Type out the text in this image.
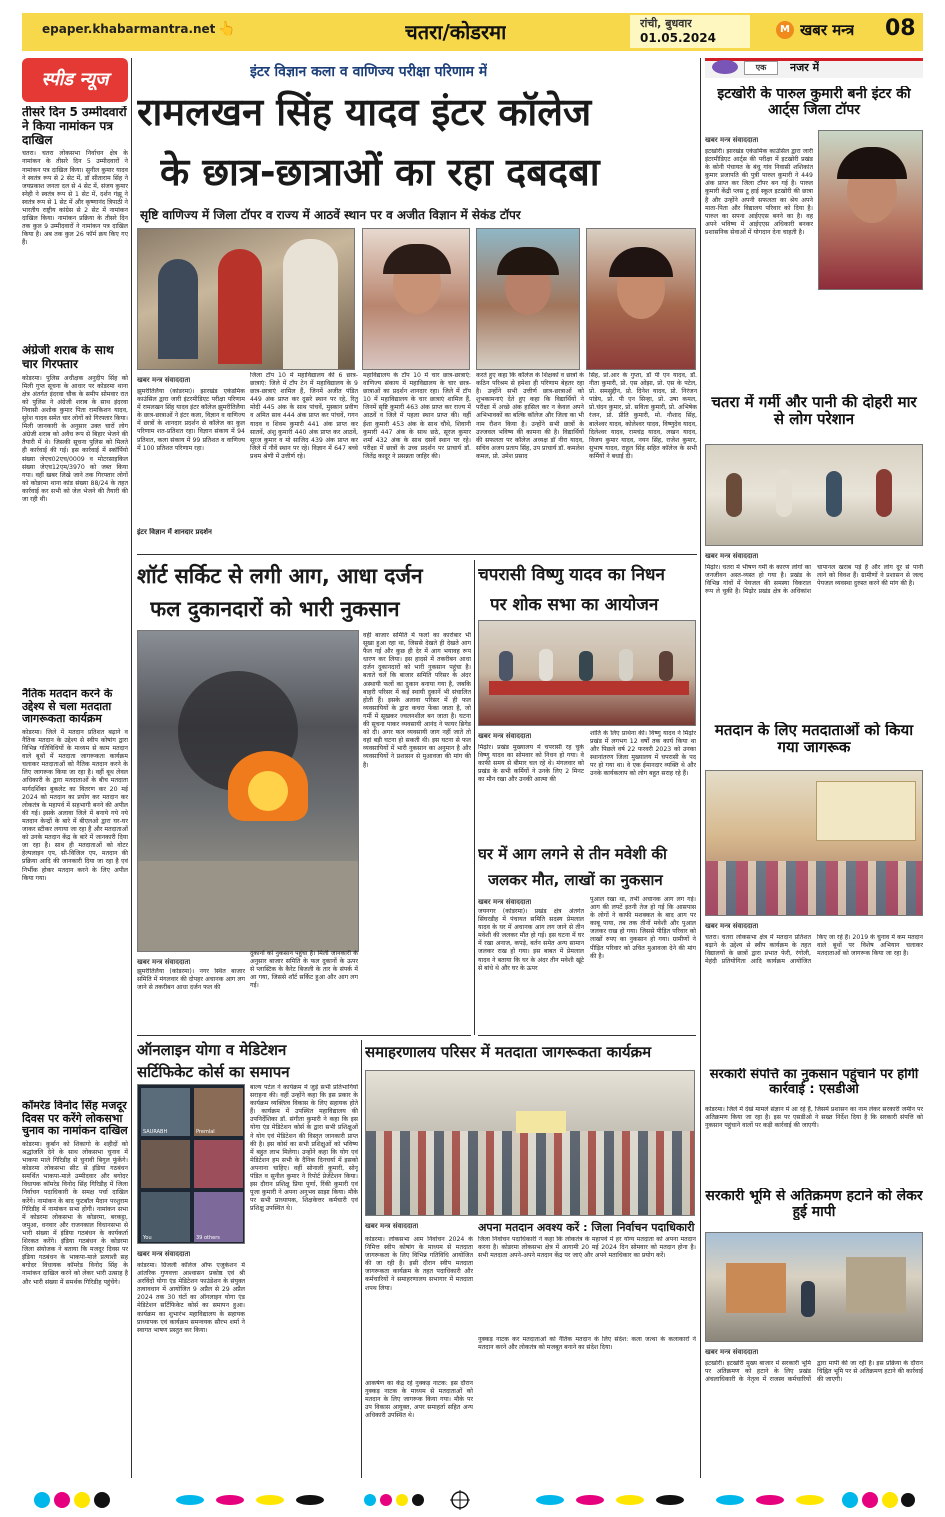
epaper.khabarmantra.net 👆	चतरा/कोडरमा	रांची, बुधवार
01.05.2024
M खबर मन्त्र 08
स्पीड न्यूज
तीसरे दिन 5 उम्मीदवारों ने किया नामांकन पत्र दाखिल
चतरा। चतरा लोकसभा निर्वाचन क्षेत्र के नामांकन के तीसरे दिन 5 उम्मीदवारों ने नामांकन पत्र दाखिल किया। सुनील कुमार यादव ने स्वतंत्र रूप से 2 सेट में, डॉ सीताराम सिंह ने जयप्रकाश जनता दल से 4 सेट में, संजय कुमार स्नेही ने स्वतंत्र रूप से 1 सेट में, दर्शन गंझू ने स्वतंत्र रूप से 1 सेट में और कृष्णानंद त्रिपाठी ने भारतीय राष्ट्रीय कांग्रेस से 2 सेट में नामांकन दाखिल किया। नामांकन प्रक्रिया के तीसरे दिन तक कुल 9 उम्मीदवारों ने नामांकन पत्र दाखिल किया है। अब तक कुल 26 फॉर्म क्रय किए गए हैं।
अंग्रेजी शराब के साथ चार गिरफ्तार
कोडरमा। पुलिस अधीक्षक अनुदीप सिंह को मिली गुप्त सूचना के आधार पर कोडरमा थाना क्षेत्र अंतर्गत इंदरवा चौक के समीप सोमवार रात को पुलिस ने अंग्रेजी शराब के साथ इंदरवा निवासी अशोक कुमार पिता रामकिशन यादव, सुरेश यादव समेत चार लोगों को गिरफ्तार किया। मिली जानकारी के अनुसार उक्त चारों लोग अंग्रेजी शराब को अवैध रूप से बिहार भेजने की तैयारी में थे। जिसकी सूचना पुलिस को मिलते ही कार्रवाई की गई। इस कार्रवाई में स्कॉर्पियो संख्या जेएच02एच/0009 व मोटरसाइकिल संख्या जेएच12एम/3970 को जब्त किया गया। वहीं खबर लिखे जाने तक गिरफ्तार लोगों को कोडरमा थाना कांड संख्या 88/24 के तहत कार्रवाई कर सभी को जेल भेजने की तैयारी की जा रही थी।
नैतिक मतदान करने के उद्देश्य से चला मतदाता जागरूकता कार्यक्रम
कोडरमा। जिले में मतदान प्रतिशत बढ़ाने व नैतिक मतदान के उद्देश्य से स्वीप कोषांग द्वारा विभिन्न गतिविधियों के माध्यम से काम मतदान वाले बूथों में मतदाता जागरूकता कार्यक्रम चलाकर मतदाताओं को नैतिक मतदान करने के लिए जागरूक किया जा रहा है। वहीं बूथ लेवल अधिकारी के द्वारा मतदाताओं के बीच मतदाता मार्गदर्शिका बुकलेट का वितरण कर 20 मई 2024 को मतदान का प्रयोग कर मतदान कर लोकतंत्र के महापर्व में सहभागी बनने की अपील की गई। इसके अलावा जिले में बनाये गये नये मतदान केन्द्रों के बारे में बीएलओ द्वारा घर-घर जाकर स्टीकर लगाया जा रहा है और मतदाताओं को उनके मतदान केंद्र के बारे में जानकारी दिया जा रहा है। साथ ही मतदाताओं को वोटर हेल्पलाइन एप, सी-विजिल एप, मतदान की प्रक्रिया आदि की जानकारी दिया जा रहा है एवं निर्भीक होकर मतदान करने के लिए अपील किया गया।
कॉमरेड विनोद सिंह मजदूर दिवस पर करेंगे लोकसभा चुनाव का नामांकन दाखिल
कोडरमा। कुर्बान को शिकागो के शहीदों को श्रद्धांजलि देने के साथ लोकसभा चुनाव में भाकपा माले गिरिडीह से चुनावी बिगुल फूंकेंगे। कोडरमा लोकसभा सीट से इंडिया गठबंधन समर्थित भाकपा-माले उम्मीदवार और बगोदर विधायक कॉमरेड विनोद सिंह गिरिडीह में जिला निर्वाचन पदाधिकारी के समक्ष पर्चा दाखिल करेंगे। नामांकन के बाद फुटबॉल मैदान परशुराम गिरिडीह में नामांकन सभा होगी। नामांकन सभा में कोडरमा लोकसभा के कोडरमा, बरकट्ठा, जमुआ, धनवार और राजनकाल विधानसभा से भारी संख्या में इंडिया गठबंधन के कार्यकर्ता शिरकत करेंगे। इंडिया गठबंधन के कोडरमा जिला संयोजक ने बताया कि मजदूर दिवस पर इंडिया गठबंधन के भाकपा-माले प्रत्याशी सह बगोदर विधायक कॉमरेड विनोद सिंह के नामांकन दाखिल करने को लेकर भारी उत्साह है और भारी संख्या में समर्थक गिरिडीह पहुंचेंगे।
इंटर विज्ञान कला व वाणिज्य परीक्षा परिणाम में
रामलखन सिंह यादव इंटर कॉलेज
के छात्र-छात्राओं का रहा दबदबा
सृष्टि वाणिज्य में जिला टॉपर व राज्य में आठवें स्थान पर व अजीत विज्ञान में सेकंड टॉपर
खबर मन्त्र संवाददाता
झुमरीतिलैया (कोडरमा)। झारखंड एकेडमिक काउंसिल द्वारा जारी इंटरमीडिएट परीक्षा परिणाम में रामलखन सिंह यादव इंटर कॉलेज झुमरीतिलैया के छात्र-छात्राओं ने इंटर कला, विज्ञान व वाणिज्य में छात्रों के शानदार प्रदर्शन से कॉलेज का कुल परिणाम शत-प्रतिशत रहा। विज्ञान संकाय में 94 प्रतिशत, कला संकाय में 99 प्रतिशत व वाणिज्य में 100 प्रतिशत परिणाम रहा।
इंटर विज्ञान में शानदार प्रदर्शन
जिला टॉप 10 में महाविद्यालय की 6 छात्र-छात्राएं: जिले में टॉप टेन में महाविद्यालय के 9 छात्र-छात्राएं शामिल हैं, जिनमें अजीत पंडित 449 अंक प्राप्त कर दूसरे स्थान पर रहे, रितु मोदी 445 अंक के साथ पांचवें, मुस्कान प्रवीण व अमित साव 444 अंक प्राप्त कर पांचवें, गगन यादव व शिवम कुमारी 441 अंक प्राप्त कर सातवें, अंशु कुमारी 440 अंक प्राप्त कर आठवें, सूरज कुमार व मो साजिद 439 अंक प्राप्त कर जिले में नौवें स्थान पर रहे। विज्ञान में 647 बच्चे प्रथम श्रेणी में उत्तीर्ण रहे।
महाविद्यालय के टॉप 10 में चार छात्र-छात्राएं: वाणिज्य संकाय में महाविद्यालय के चार छात्र-छात्राओं का प्रदर्शन शानदार रहा। जिले में टॉप 10 में महाविद्यालय के चार छात्राएं शामिल हैं, जिनमें सृष्टि कुमारी 463 अंक प्राप्त कर राज्य में आठवें व जिले में पहला स्थान प्राप्त की। वहीं ईशा कुमारी 453 अंक के साथ चौथे, शिवानी कुमारी 447 अंक के साथ छठे, सूरज कुमार शर्मा 432 अंक के साथ दसवें स्थान पर रहे। परीक्षा में छात्रों के उच्च प्रदर्शन पर प्राचार्य डॉ. जितेंद्र कादूर ने प्रसन्नता जाहिर की।
करते हुए कहा कि कॉलेज के शिक्षकों व छात्रों के कठिन परिश्रम से हमेशा ही परिणाम बेहतर रहा है। उन्होंने सभी उत्तीर्ण छात्र-छात्राओं को शुभकामनाएं देते हुए कहा कि विद्यार्थियों ने परीक्षा में अच्छे अंक हासिल कर न केवल अपने अभिभावकों का बल्कि कॉलेज और जिला का भी नाम रौशन किया है। उन्होंने सभी छात्रों के उज्जवल भविष्य की कामना की है। विद्यार्थियों की सफलता पर कॉलेज अध्यक्ष डॉ नीरा यादव, सचिव अजय प्रताप सिंह, उप प्राचार्य डॉ. कमलेश कमल, प्रो. उमेश प्रसाद
सिंह, प्रो.आर के गुप्ता, डॉ पी एन यादव, डॉ. नीता कुमारी, प्रो. एस ओझा, प्रो. एस के पटेल, प्रो. समसुद्दीन, प्रो. दिनेश यादव, प्रो. निरंजन पांडेय, प्रो. पी एन सिन्हा, प्रो. उषा कमल, प्रो.चंदन कुमार, प्रो. सविता कुमारी, प्रो. अभिषेक रंजन, प्रो. प्रीति कुमारी, मो. नौशाद सिंह, बालेश्वर यादव, कोलेश्वर यादव, विष्णुदेव यादव, दिलेश्वर यादव, रामचंद्र यादव, लखन यादव, विजय कुमार यादव, नयन सिंह, राजेश कुमार, सुभाष यादव, राहुल सिंह सहित कॉलेज के सभी कर्मियों ने बधाई दी।
शॉर्ट सर्किट से लगी आग, आधा दर्जन
फल दुकानदारों को भारी नुकसान
खबर मन्त्र संवाददाता
झुमरीतिलैया (कोडरमा)। नगर स्थित बाजार समिति में मंगलवार की दोपहर अचानक आग लग जाने से तकरीबन आधा दर्जन फल की
दुकानों को नुकसान पहुंचा है। मिली जानकारी के अनुसार बाजार समिति के फल दुकानों के ऊपर से प्लास्टिक के कैरेट बिजली के तार के संपर्क में आ गया, जिससे शॉर्ट सर्किट हुआ और आग लग गई।
वहीं बाजार समिति में फलों का कारोबार भी सूखा हुआ रहा था, जिससे देखते ही देखते आग फैल गई और कुछ ही देर में आग भयावह रूप धारण कर लिया। इस हादसे में तकरीबन आधा दर्जन दुकानदारों को भारी नुकसान पहुंचा है। बताते चलें कि बाजार समिति परिसर के अंदर अस्थायी फलों का दुकान बनाया गया है, जबकि बाहरी परिसर में कई स्थायी दुकानें भी संचालित होती हैं। इसके अलावा परिसर में ही फल व्यवसायियों के द्वारा कचरा फेंका जाता है, जो गर्मी में सूखकर ज्वलनशील बन जाता है। घटना की सूचना पाकर व्यवसायी आनंद ने फायर ब्रिगेड को दी। अगर फल व्यवसायी जाग नहीं जाते तो वहां बड़ी घटना हो सकती थी। इस घटना से फल व्यवसायियों में भारी नुकसान का अनुमान है और व्यवसायियों ने प्रशासन से मुआवजा की मांग की है।
चपरासी विष्णु यादव का निधन
पर शोक सभा का आयोजन
खबर मन्त्र संवाददाता
मिढ़ोर। प्रखंड मुख्यालय में चपरासी रह चुके विष्णु यादव का सोमवार को निधन हो गया। वे काफी समय से बीमार चल रहे थे। मंगलवार को प्रखंड के सभी कर्मियों ने उनके लिए 2 मिनट का मौन रखा और उनकी आत्मा की
शांति के लिए प्रार्थना की। विष्णु यादव ने मिढ़ोर प्रखंड में लगभग 12 वर्षों तक कार्य किया था और पिछले वर्ष 22 फरवरी 2023 को उनका स्थानांतरण जिला मुख्यालय में चपरासी के पद पर हो गया था। वे एक ईमानदार व्यक्ति थे और उनके कार्यकलाप को लोग बहुत सराह रहे हैं।
घर में आग लगने से तीन मवेशी की
जलकर मौत, लाखों का नुकसान
खबर मन्त्र संवाददाता
जयनगर (कोडरमा)। प्रखंड क्षेत्र अंतर्गत सिंघरडीह में पंचायत समिति सदस्य प्रेमलाल यादव के घर में अचानक आग लग जाने से तीन मवेशी की जलकर मौत हो गई। इस घटना में घर में रखा अनाज, कपड़े, बर्तन समेत अन्य सामान जलकर राख हो गया। इस बाबत में प्रेमलाल यादव ने बताया कि घर के अंदर तीन मवेशी खूंटे से बांधे थे और घर के ऊपर
पुआल रखा था, तभी अचानक आग लग गई। आग की लपटें इतनी तेज हो गई कि आसपास के लोगों ने काफी मशक्कत के बाद आग पर काबू पाया, तब तक तीनों मवेशी और पुआल जलकर राख हो गया। जिससे पीड़ित परिवार को लाखों रुपए का नुकसान हो गया। ग्रामीणों ने पीड़ित परिवार को उचित मुआवजा देने की मांग की है।
ऑनलाइन योगा व मेडिटेशन
सर्टिफिकेट कोर्स का समापन
SAURABH	Premlal
You	39 others
खबर मन्त्र संवाददाता
कोडरमा। ग्रिजली कॉलेज ऑफ एजुकेशन में आंतरिक गुणवत्ता आश्वासन प्रकोष्ठ एवं श्री अरविंदो योगा एंड मेडिटेशन फाउंडेशन के संयुक्त तत्वावधान में आयोजित 9 अप्रैल से 29 अप्रैल 2024 तक 30 घंटों का ऑनलाइन योगा एंड मेडिटेशन सर्टिफिकेट कोर्स का समापन हुआ। कार्यक्रम का शुभारंभ महाविद्यालय के सहायक प्राध्यापक एवं कार्यक्रम समन्वयक सौरभ शर्मा ने स्वागत भाषण प्रस्तुत कर किया।
बाल्य पटेल ने कार्यक्रम में जुड़े सभी प्रतिभागियों सराहना की। वहीं उन्होंने कहा कि इस प्रकार के कार्यक्रम व्यक्तित्व विकास के लिए सहायक होते हैं। कार्यक्रम में उपस्थित महाविद्यालय की उपनिर्देशिका डॉ. संगीता कुमारी ने कहा कि इस योगा एंड मेडिटेशन कोर्स के द्वारा सभी प्रशिक्षुओं ने योग एवं मेडिटेशन की विस्तृत जानकारी प्राप्त की है। इस कोर्स का सभी प्रशिक्षुओं को भविष्य में बहुत लाभ मिलेगा। उन्होंने कहा कि योग एवं मेडिटेशन हम सभी के दैनिक दिनचर्या में इसको अपनाना चाहिए। वहीं सोनाली कुमारी, सोनू पंडित व सुनील कुमार ने रिपोर्ट प्रेजेंटेशन किया। इस दौरान प्रशिक्षु प्रिया पूर्णा, रिंकी कुमारी एवं पूजा कुमारी ने अपना अनुभव साझा किया। मौके पर सभी प्राध्यापक, शिक्षकेत्तर कर्मचारी एवं प्रशिक्षु उपस्थित थे।
समाहरणालय परिसर में मतदाता जागरूकता कार्यक्रम
खबर मन्त्र संवाददाता	अपना मतदान अवश्य करें : जिला निर्वाचन पदाधिकारी
कोडरमा। लोकसभा आम निर्वाचन 2024 के निमित्त स्वीप कोषांग के माध्यम से मतदाता जागरूकता के लिए विभिन्न गतिविधि आयोजित की जा रही है। इसी दौरान स्वीप मतदाता जागरूकता कार्यक्रम के तहत पदाधिकारी और कर्मचारियों ने समाहरणालय सभागार में मतदाता शपथ लिया।
जिला निर्वाचन पदाधिकारी ने कहा कि लोकतंत्र के महापर्व में हर योग्य मतदाता को अपना मतदान करना है। कोडरमा लोकसभा क्षेत्र में आगामी 20 मई 2024 दिन सोमवार को मतदान होना है। सभी मतदाता अपने-अपने मतदान केंद्र पर जाएं और अपने मताधिकार का प्रयोग करें।
आकर्षण का केंद्र रहे नुक्कड़ नाटक: इस दौरान नुक्कड़ नाटक के माध्यम से मतदाताओं को मतदान के लिए जागरूक किया गया। मौके पर उप विकास आयुक्त, अपर समाहर्ता सहित अन्य अधिकारी उपस्थित थे।
नुक्कड़ नाटक कर मतदाताओं को नैतिक मतदान के लिए संदेश: कला जत्था के कलाकारों ने मतदान करने और लोकतंत्र को मजबूत बनाने का संदेश दिया।
एक	नजर में
इटखोरी के पारुल कुमारी बनी इंटर की आर्ट्स जिला टॉपर
खबर मन्त्र संवाददाता
इटखोरी। झारखंड एकेडमिक काउंसिल द्वारा जारी इंटरमीडिएट आर्ट्स की परीक्षा में इटखोरी प्रखंड के कोनी पंचायत के बंधु गांव निवासी शशिकांत कुमार प्रजापति की पुत्री पारुल कुमारी ने 449 अंक प्राप्त कर जिला टॉपर बन गई है। पारुल कुमारी केंद्री प्लस टू हाई स्कूल इटखोरी की छात्रा है और उन्होंने अपनी सफलता का श्रेय अपने माता-पिता और विद्यालय परिवार को दिया है। पारुल का सपना आईएएस बनने का है। वह अपने भविष्य में आईएएस अधिकारी बनकर प्रशासनिक सेवाओं में योगदान देना चाहती है।
चतरा में गर्मी और पानी की दोहरी मार से लोग परेशान
खबर मन्त्र संवाददाता
मिढ़ोर। चतरा में भीषण गर्मी के कारण लोगों का जनजीवन अस्त-व्यस्त हो गया है। प्रखंड के विभिन्न गांवों में पेयजल की समस्या विकराल रूप ले चुकी है। मिढ़ोर प्रखंड क्षेत्र के अधिकांश चापानल खराब पड़े हैं और लोग दूर से पानी लाने को विवश हैं। ग्रामीणों ने प्रशासन से जल्द पेयजल व्यवस्था दुरुस्त करने की मांग की है।
मतदान के लिए मतदाताओं को किया गया जागरूक
खबर मन्त्र संवाददाता
चतरा। चतरा लोकसभा क्षेत्र में मतदान प्रतिशत बढ़ाने के उद्देश्य से स्वीप कार्यक्रम के तहत विद्यालयों के छात्रों द्वारा प्रभात फेरी, रंगोली, मेहंदी प्रतियोगिता आदि कार्यक्रम आयोजित किए जा रहे हैं। 2019 के चुनाव में कम मतदान वाले बूथों पर विशेष अभियान चलाकर मतदाताओं को जागरूक किया जा रहा है।
सरकारी संपत्ति का नुकसान पहुंचाने पर होगी कार्रवाई : एसडीओ
कोडरमा। जिले में देखे मामले संज्ञान में आ रहे हैं, जिसमें प्रशासन का नाम लेकर सरकारी जमीन पर अतिक्रमण किया जा रहा है। इस पर एसडीओ ने सख्त निर्देश दिया है कि सरकारी संपत्ति को नुकसान पहुंचाने वालों पर कड़ी कार्रवाई की जाएगी।
सरकारी भूमि से अतिक्रमण हटाने को लेकर हुई मापी
खबर मन्त्र संवाददाता
इटखोरी। इटखोरी मुख्य बाजार में सरकारी भूमि पर अतिक्रमण को हटाने के लिए प्रखंड अंचलाधिकारी के नेतृत्व में राजस्व कर्मचारियों द्वारा मापी की जा रही है। इस प्रक्रिया के दौरान चिह्नित भूमि पर से अतिक्रमण हटाने की कार्रवाई की जाएगी।
